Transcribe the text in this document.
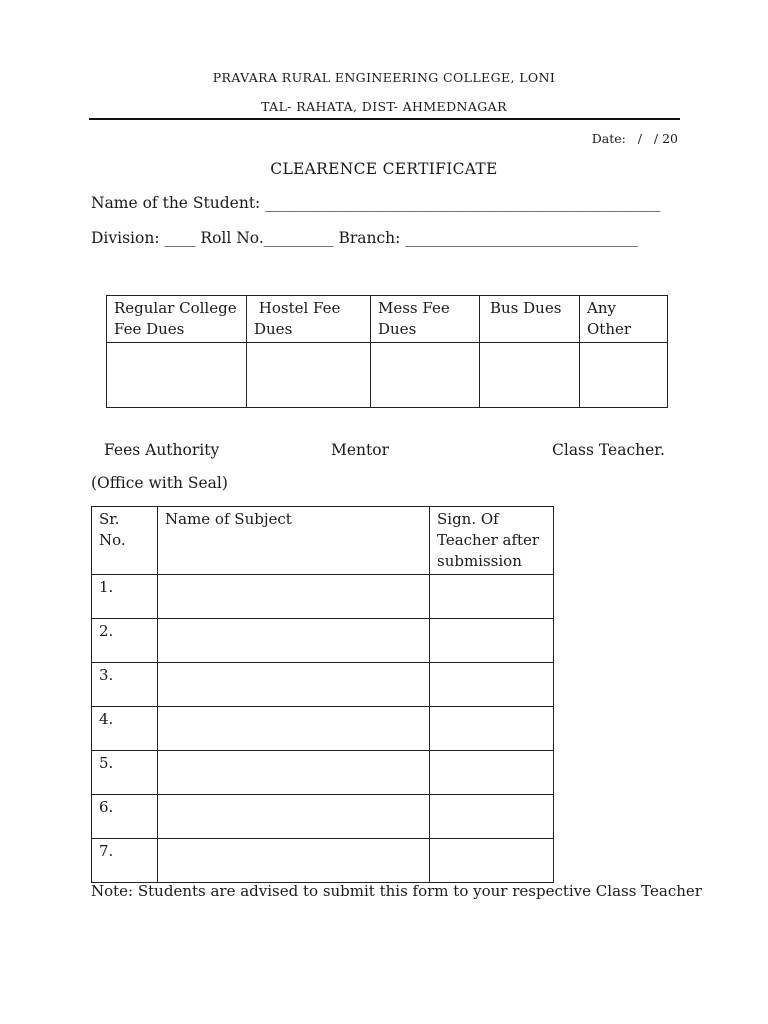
PRAVARA RURAL ENGINEERING COLLEGE, LONI
TAL- RAHATA, DIST- AHMEDNAGAR
Date:   /   / 20
CLEARENCE CERTIFICATE
Name of the Student: ___________________________________________________
Division: ____ Roll No._________ Branch: ______________________________
Regular College Fee Dues	Hostel Fee Dues	Mess Fee Dues	Bus Dues	Any Other

Fees Authority	Mentor	Class Teacher.
(Office with Seal)
Sr. No.	Name of Subject	Sign. Of Teacher after submission
1.		
2.		
3.		
4.		
5.		
6.		
7.		
Note: Students are advised to submit this form to your respective Class Teacher
